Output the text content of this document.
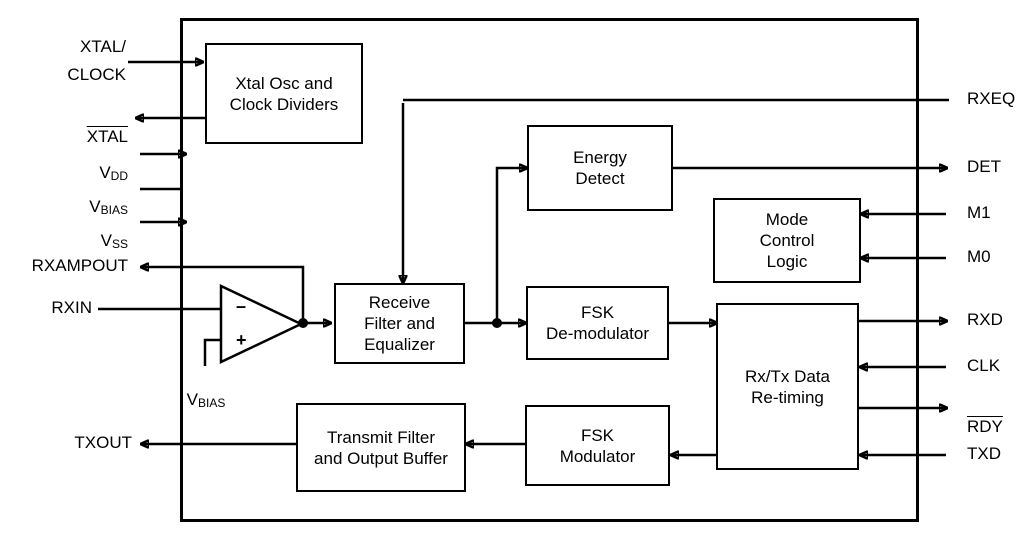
Xtal Osc and
Clock Dividers
Energy
Detect
Mode
Control
Logic
Receive
Filter and
Equalizer
FSK
De-modulator
Rx/Tx Data
Re-timing
Transmit Filter
and Output Buffer
FSK
Modulator
–
+
XTAL/
CLOCK

XTAL

VDD

VBIAS

VSS

RXAMPOUT
RXIN
TXOUT

VBIAS

RXEQ
DET
M1
M0
RXD
CLK

$\overline{RDY}$

TXD
